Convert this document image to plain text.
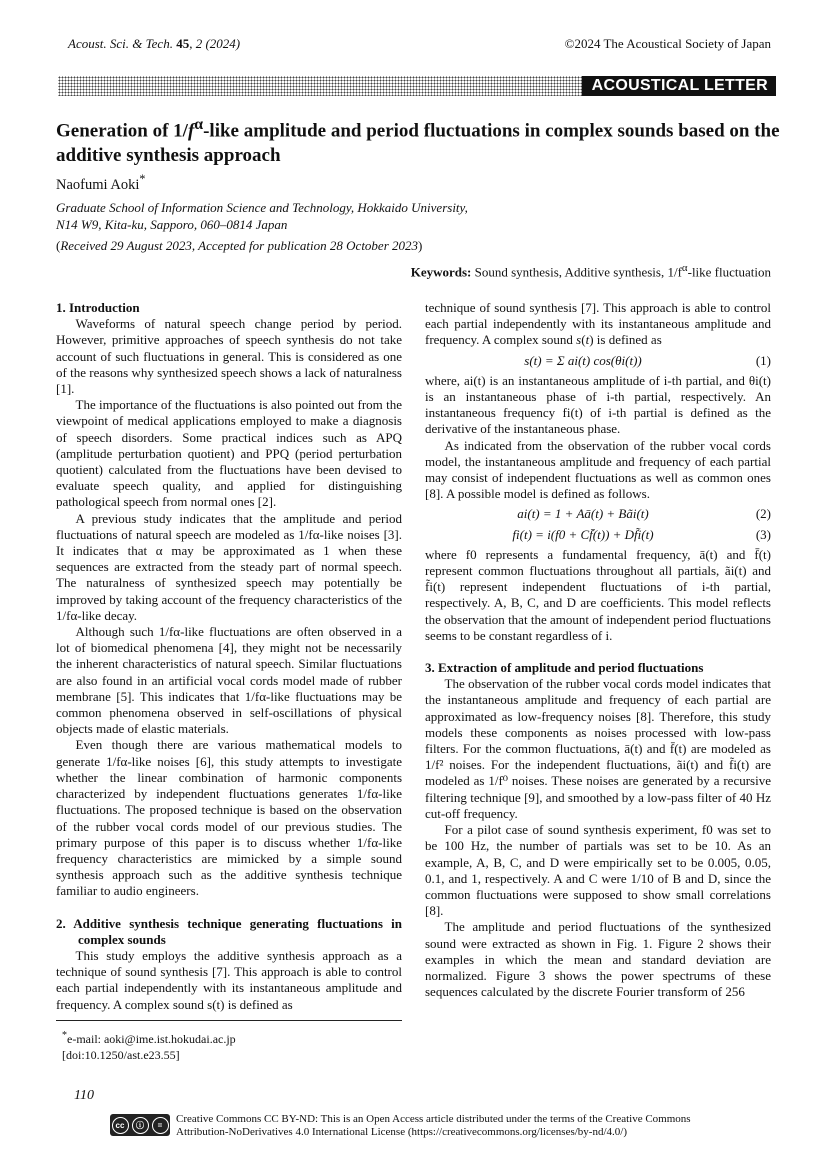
Acoust. Sci. & Tech. 45, 2 (2024)	©2024 The Acoustical Society of Japan
ACOUSTICAL LETTER
Generation of $1/f^\alpha$-like amplitude and period fluctuations in complex sounds based on the additive synthesis approach
Naofumi Aoki*
Graduate School of Information Science and Technology, Hokkaido University,
N14 W9, Kita-ku, Sapporo, 060–0814 Japan
(Received 29 August 2023, Accepted for publication 28 October 2023)
Keywords: Sound synthesis, Additive synthesis, $1/f^\alpha$-like fluctuation
1. Introduction

Waveforms of natural speech change period by period. However, primitive approaches of speech synthesis do not take account of such fluctuations in general. This is considered as one of the reasons why synthesized speech shows a lack of naturalness [1].

The importance of the fluctuations is also pointed out from the viewpoint of medical applications employed to make a diagnosis of speech disorders. Some practical indices such as APQ (amplitude perturbation quotient) and PPQ (period perturbation quotient) calculated from the fluctuations have been devised to evaluate speech quality, and applied for distinguishing pathological speech from normal ones [2].

A previous study indicates that the amplitude and period fluctuations of natural speech are modeled as 1/fα-like noises [3]. It indicates that α may be approximated as 1 when these sequences are extracted from the steady part of normal speech. The naturalness of synthesized speech may potentially be improved by taking account of the frequency characteristics of the 1/fα-like decay.

Although such 1/fα-like fluctuations are often observed in a lot of biomedical phenomena [4], they might not be necessarily the inherent characteristics of natural speech. Similar fluctuations are also found in an artificial vocal cords model made of rubber membrane [5]. This indicates that 1/fα-like fluctuations may be common phenomena observed in self-oscillations of physical objects made of elastic materials.

Even though there are various mathematical models to generate 1/fα-like noises [6], this study attempts to investigate whether the linear combination of harmonic components characterized by independent fluctuations generates 1/fα-like fluctuations. The proposed technique is based on the observation of the rubber vocal cords model of our previous studies. The primary purpose of this paper is to discuss whether 1/fα-like frequency characteristics are mimicked by a simple sound synthesis approach such as the additive synthesis technique familiar to audio engineers.

2. Additive synthesis technique generating fluctuations in complex sounds

This study employs the additive synthesis approach as a technique of sound synthesis [7]. This approach is able to control each partial independently with its instantaneous amplitude and frequency. A complex sound s(t) is defined as

technique of sound synthesis [7]. This approach is able to control each partial independently with its instantaneous amplitude and frequency. A complex sound s(t) is defined as

s(t) = Σ ai(t) cos(θi(t))	(1)

where, ai(t) is an instantaneous amplitude of i-th partial, and θi(t) is an instantaneous phase of i-th partial, respectively. An instantaneous frequency fi(t) of i-th partial is defined as the derivative of the instantaneous phase.

As indicated from the observation of the rubber vocal cords model, the instantaneous amplitude and frequency of each partial may consist of independent fluctuations as well as common ones [8]. A possible model is defined as follows.

ai(t) = 1 + Aā(t) + Bãi(t)	(2)
fi(t) = i(f0 + Cf̄(t)) + Df̃i(t)	(3)

where f0 represents a fundamental frequency, ā(t) and f̄(t) represent common fluctuations throughout all partials, ãi(t) and f̃i(t) represent independent fluctuations of i-th partial, respectively. A, B, C, and D are coefficients. This model reflects the observation that the amount of independent period fluctuations seems to be constant regardless of i.

3. Extraction of amplitude and period fluctuations

The observation of the rubber vocal cords model indicates that the instantaneous amplitude and frequency of each partial are approximated as low-frequency noises [8]. Therefore, this study models these components as noises processed with low-pass filters. For the common fluctuations, ā(t) and f̄(t) are modeled as 1/f² noises. For the independent fluctuations, ãi(t) and f̃i(t) are modeled as 1/f⁰ noises. These noises are generated by a recursive filtering technique [9], and smoothed by a low-pass filter of 40 Hz cut-off frequency.

For a pilot case of sound synthesis experiment, f0 was set to be 100 Hz, the number of partials was set to be 10. As an example, A, B, C, and D were empirically set to be 0.005, 0.05, 0.1, and 1, respectively. A and C were 1/10 of B and D, since the common fluctuations were supposed to show small correlations [8].

The amplitude and period fluctuations of the synthesized sound were extracted as shown in Fig. 1. Figure 2 shows their examples in which the mean and standard deviation are normalized. Figure 3 shows the power spectrums of these sequences calculated by the discrete Fourier transform of 256

*e-mail: aoki@ime.ist.hokudai.ac.jp
[doi:10.1250/ast.e23.55]
110
cc	ⓘ	=	Creative Commons CC BY-ND: This is an Open Access article distributed under the terms of the Creative Commons
Attribution-NoDerivatives 4.0 International License (https://creativecommons.org/licenses/by-nd/4.0/)
